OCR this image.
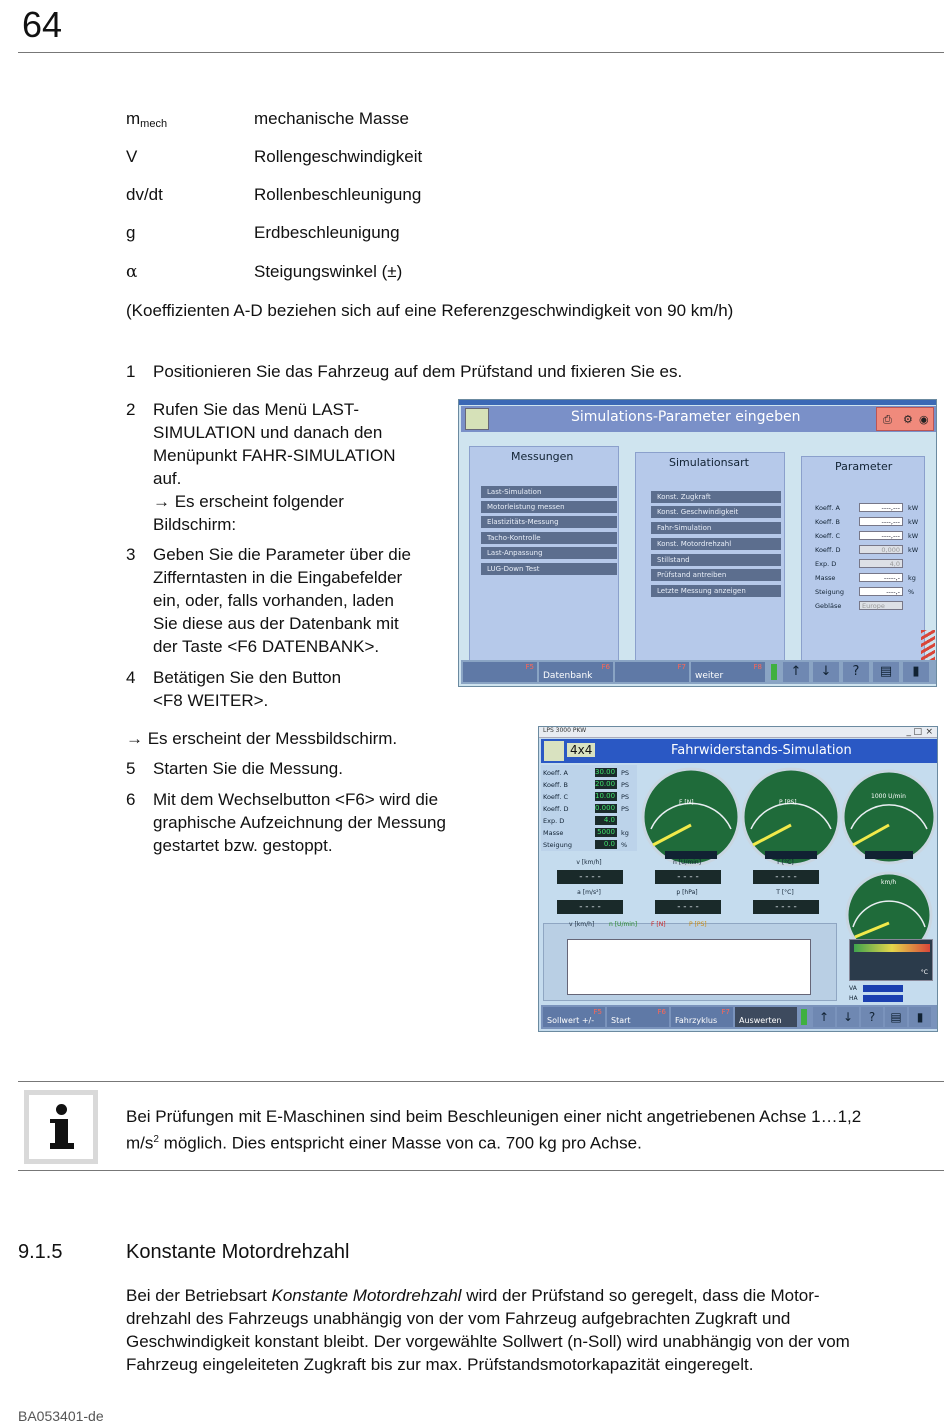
64
$m_{mech}$	mechanische Masse
V	Rollengeschwindigkeit
dv/dt	Rollenbeschleunigung
g	Erdbeschleunigung
α	Steigungswinkel (±)
(Koeffizienten A-D beziehen sich auf eine Referenzgeschwindigkeit von 90 km/h)
1 Positionieren Sie das Fahrzeug auf dem Prüfstand und fixieren Sie es.
2 Rufen Sie das Menü LAST-
SIMULATION und danach den
Menüpunkt FAHR-SIMULATION
auf.
→ Es erscheint folgender
Bildschirm:
3 Geben Sie die Parameter über die
Zifferntasten in die Eingabefelder
ein, oder, falls vorhanden, laden
Sie diese aus der Datenbank mit
der Taste <F6 DATENBANK>.
4 Betätigen Sie den Button
<F8 WEITER>.
→ Es erscheint der Messbildschirm.
5 Starten Sie die Messung.
6 Mit dem Wechselbutton <F6> wird die
graphische Aufzeichnung der Messung
gestartet bzw. gestoppt.
Simulations-Parameter eingeben	⎙ ⚙ ◉
Messungen
Last-Simulation
Motorleistung messen
Elastizitäts-Messung
Tacho-Kontrolle
Last-Anpassung
LUG-Down Test
Simulationsart
Konst. Zugkraft
Konst. Geschwindigkeit
Fahr-Simulation
Konst. Motordrehzahl
Stillstand
Prüfstand antreiben
Letzte Messung anzeigen
Parameter
Koeff. A	----,---	kW
Koeff. B	----,---	kW
Koeff. C	----,---	kW
Koeff. D	0,000	kW
Exp. D	4,0
Masse	-----,-	kg
Steigung	----,-	%
Gebläse	Europe
F5	F6
Datenbank
F7	F8
weiter	↑	↓	?	▤	▮
LPS 3000 PKW	_ □ ×
4x4	Fahrwiderstands-Simulation
Koeff. A	30.00 PS
Koeff. B	20.00 PS
Koeff. C	10.00 PS
Koeff. D	0.000 PS
Exp. D	4.0
Masse	5000 kg
Steigung	0.0 %
F [N]	P [PS]
1000 U/min
km/h
v [km/h]
- - - -
n [U/min]
- - - -
T [°C]
- - - -
a [m/s²]
- - - -
p [hPa]
- - - -
T [°C]
- - - -
v [km/h] n [U/min] F [N]	P [PS]
°C
VA
HA
F5
Sollwert +/-
F6
Start
F7
Fahrzyklus	Auswerten	↑	↓	?	▤	▮
Bei Prüfungen mit E-Maschinen sind beim Beschleunigen einer nicht angetriebenen Achse 1…1,2
$m/s^2$ möglich. Dies entspricht einer Masse von ca. 700 kg pro Achse.
9.1.5	Konstante Motordrehzahl
Bei der Betriebsart Konstante Motordrehzahl wird der Prüfstand so geregelt, dass die Motor-
drehzahl des Fahrzeugs unabhängig von der vom Fahrzeug aufgebrachten Zugkraft und
Geschwindigkeit konstant bleibt. Der vorgewählte Sollwert (n-Soll) wird unabhängig von der vom
Fahrzeug eingeleiteten Zugkraft bis zur max. Prüfstandsmotorkapazität eingeregelt.
BA053401-de
